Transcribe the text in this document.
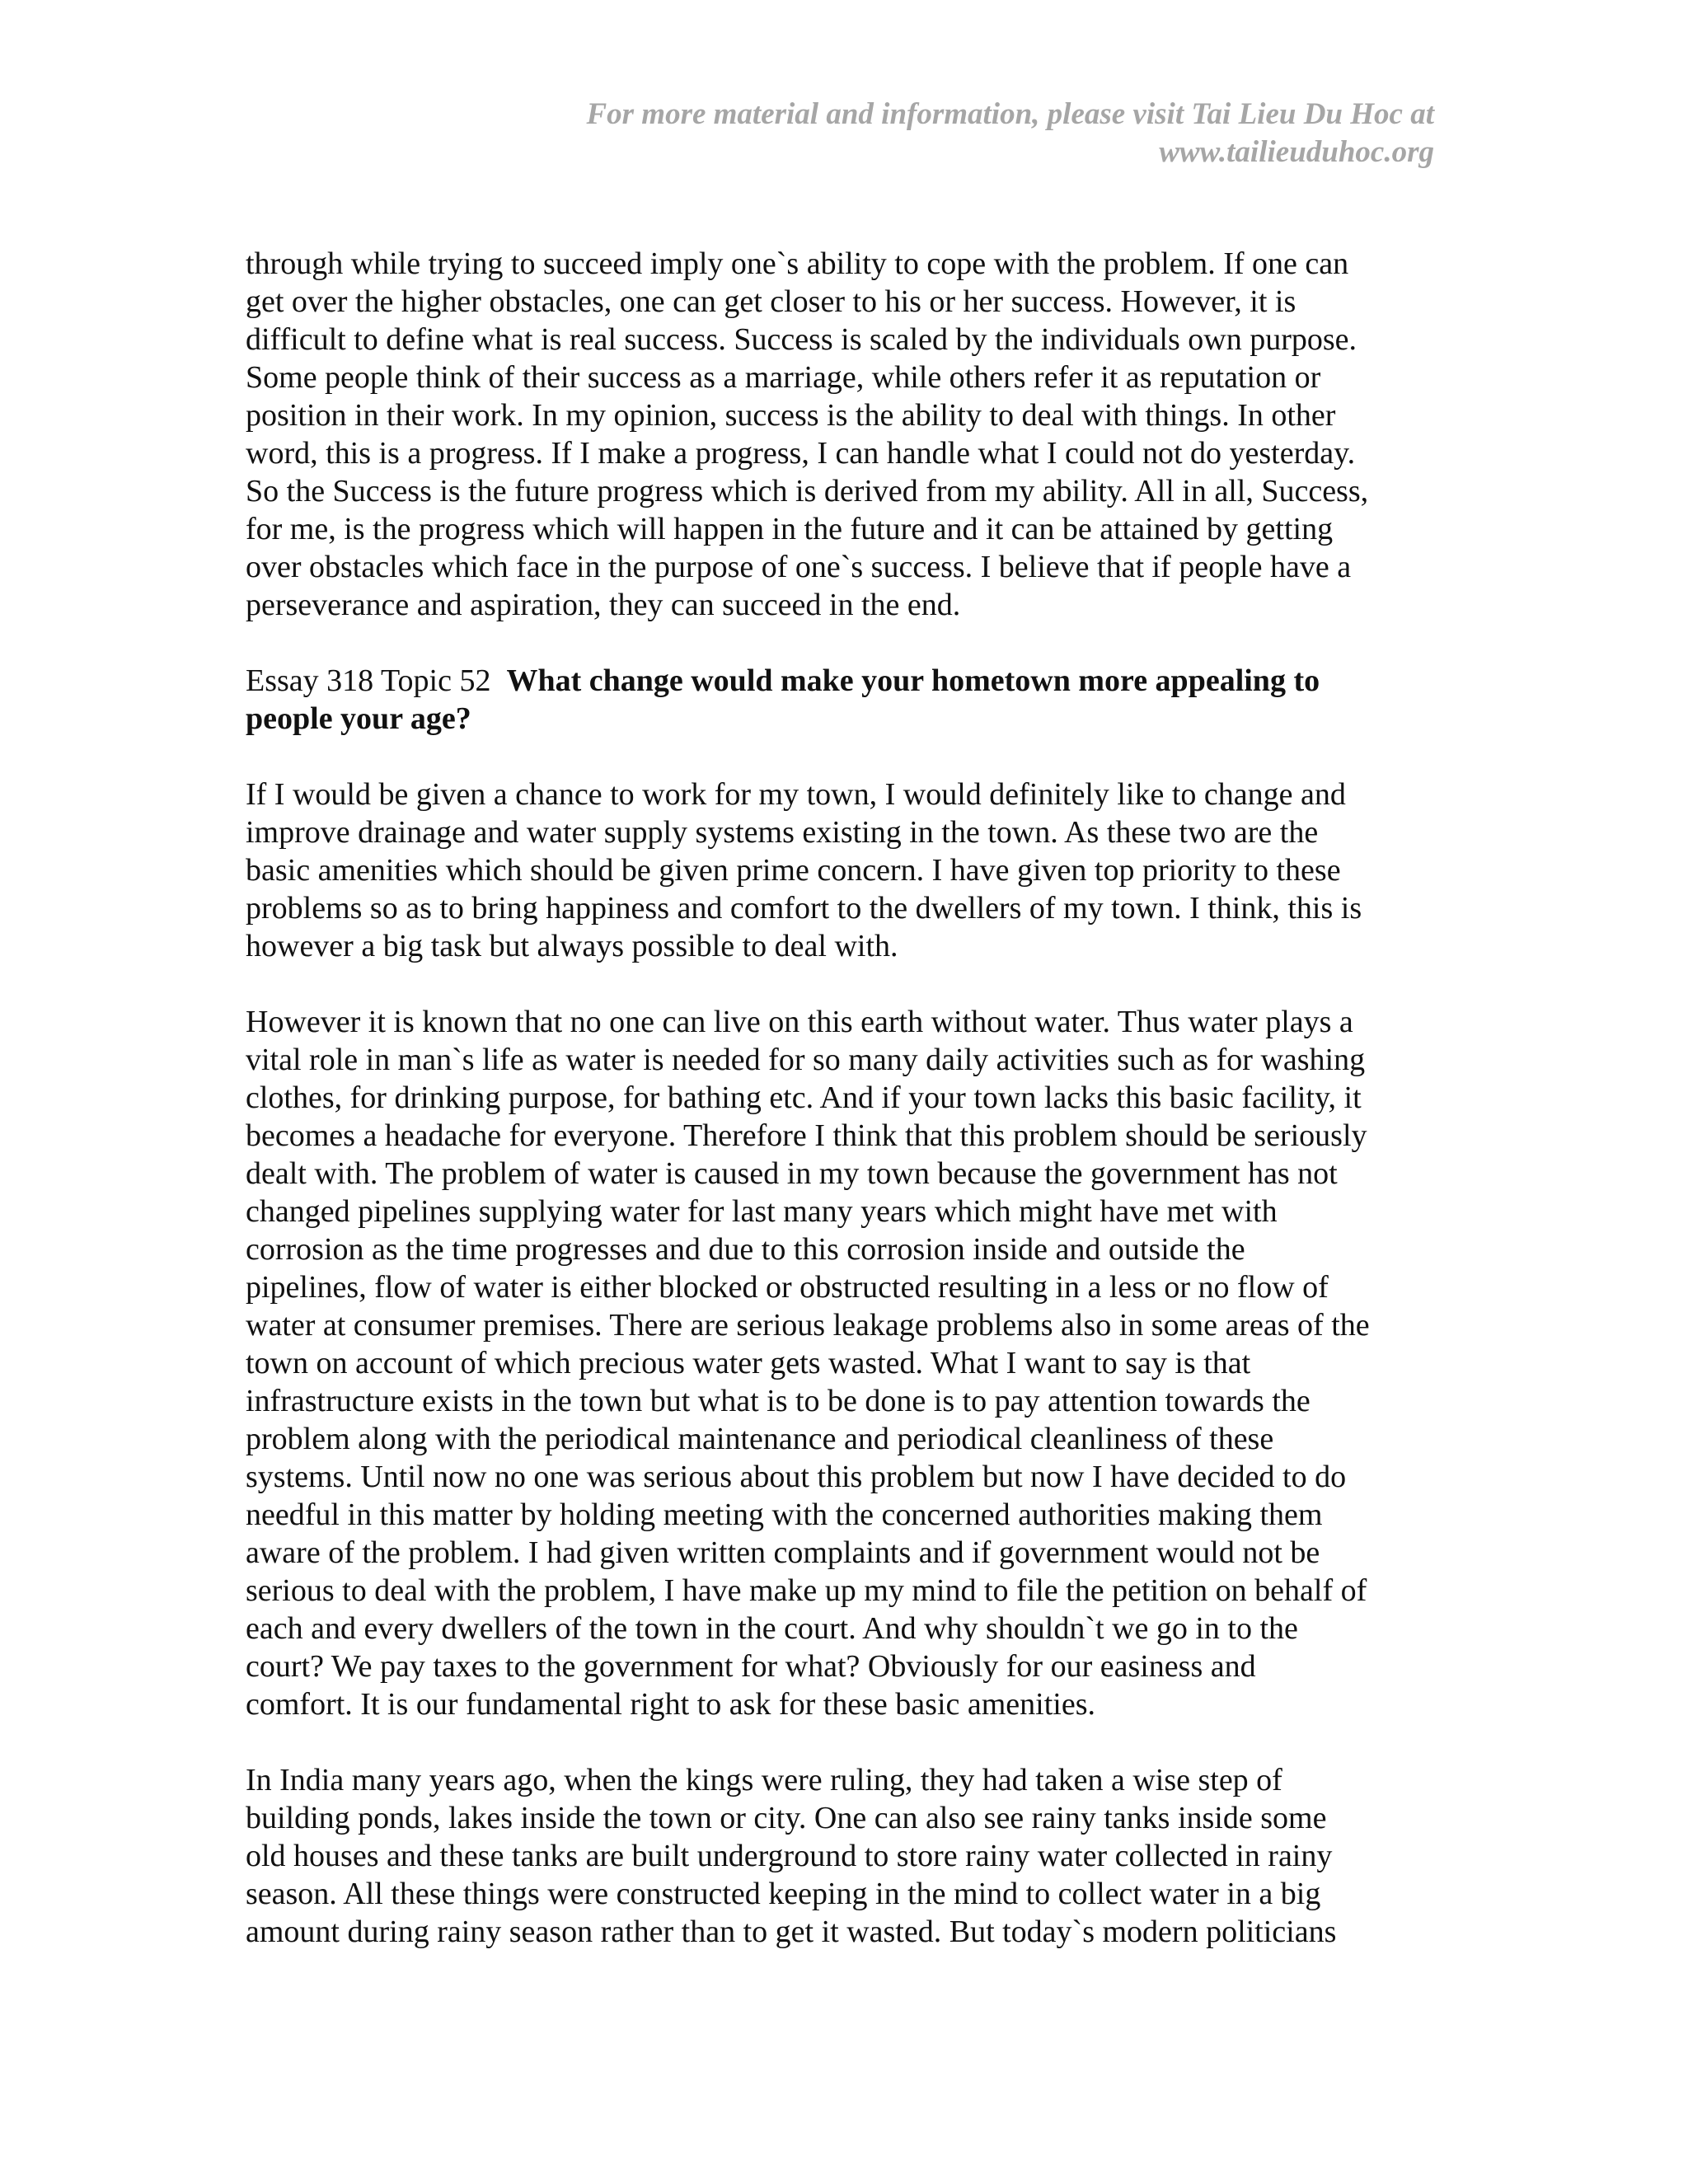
For more material and information, please visit Tai Lieu Du Hoc at
www.tailieuduhoc.org
through while trying to succeed imply one`s ability to cope with the problem. If one can
get over the higher obstacles, one can get closer to his or her success. However, it is
difficult to define what is real success. Success is scaled by the individuals own purpose.
Some people think of their success as a marriage, while others refer it as reputation or
position in their work. In my opinion, success is the ability to deal with things. In other
word, this is a progress. If I make a progress, I can handle what I could not do yesterday.
So the Success is the future progress which is derived from my ability. All in all, Success,
for me, is the progress which will happen in the future and it can be attained by getting
over obstacles which face in the purpose of one`s success. I believe that if people have a
perseverance and aspiration, they can succeed in the end.
Essay 318 Topic 52  What change would make your hometown more appealing to
people your age?
If I would be given a chance to work for my town, I would definitely like to change and
improve drainage and water supply systems existing in the town. As these two are the
basic amenities which should be given prime concern. I have given top priority to these
problems so as to bring happiness and comfort to the dwellers of my town. I think, this is
however a big task but always possible to deal with.
However it is known that no one can live on this earth without water. Thus water plays a
vital role in man`s life as water is needed for so many daily activities such as for washing
clothes, for drinking purpose, for bathing etc. And if your town lacks this basic facility, it
becomes a headache for everyone. Therefore I think that this problem should be seriously
dealt with. The problem of water is caused in my town because the government has not
changed pipelines supplying water for last many years which might have met with
corrosion as the time progresses and due to this corrosion inside and outside the
pipelines, flow of water is either blocked or obstructed resulting in a less or no flow of
water at consumer premises. There are serious leakage problems also in some areas of the
town on account of which precious water gets wasted. What I want to say is that
infrastructure exists in the town but what is to be done is to pay attention towards the
problem along with the periodical maintenance and periodical cleanliness of these
systems. Until now no one was serious about this problem but now I have decided to do
needful in this matter by holding meeting with the concerned authorities making them
aware of the problem. I had given written complaints and if government would not be
serious to deal with the problem, I have make up my mind to file the petition on behalf of
each and every dwellers of the town in the court. And why shouldn`t we go in to the
court? We pay taxes to the government for what? Obviously for our easiness and
comfort. It is our fundamental right to ask for these basic amenities.
In India many years ago, when the kings were ruling, they had taken a wise step of
building ponds, lakes inside the town or city. One can also see rainy tanks inside some
old houses and these tanks are built underground to store rainy water collected in rainy
season. All these things were constructed keeping in the mind to collect water in a big
amount during rainy season rather than to get it wasted. But today`s modern politicians
